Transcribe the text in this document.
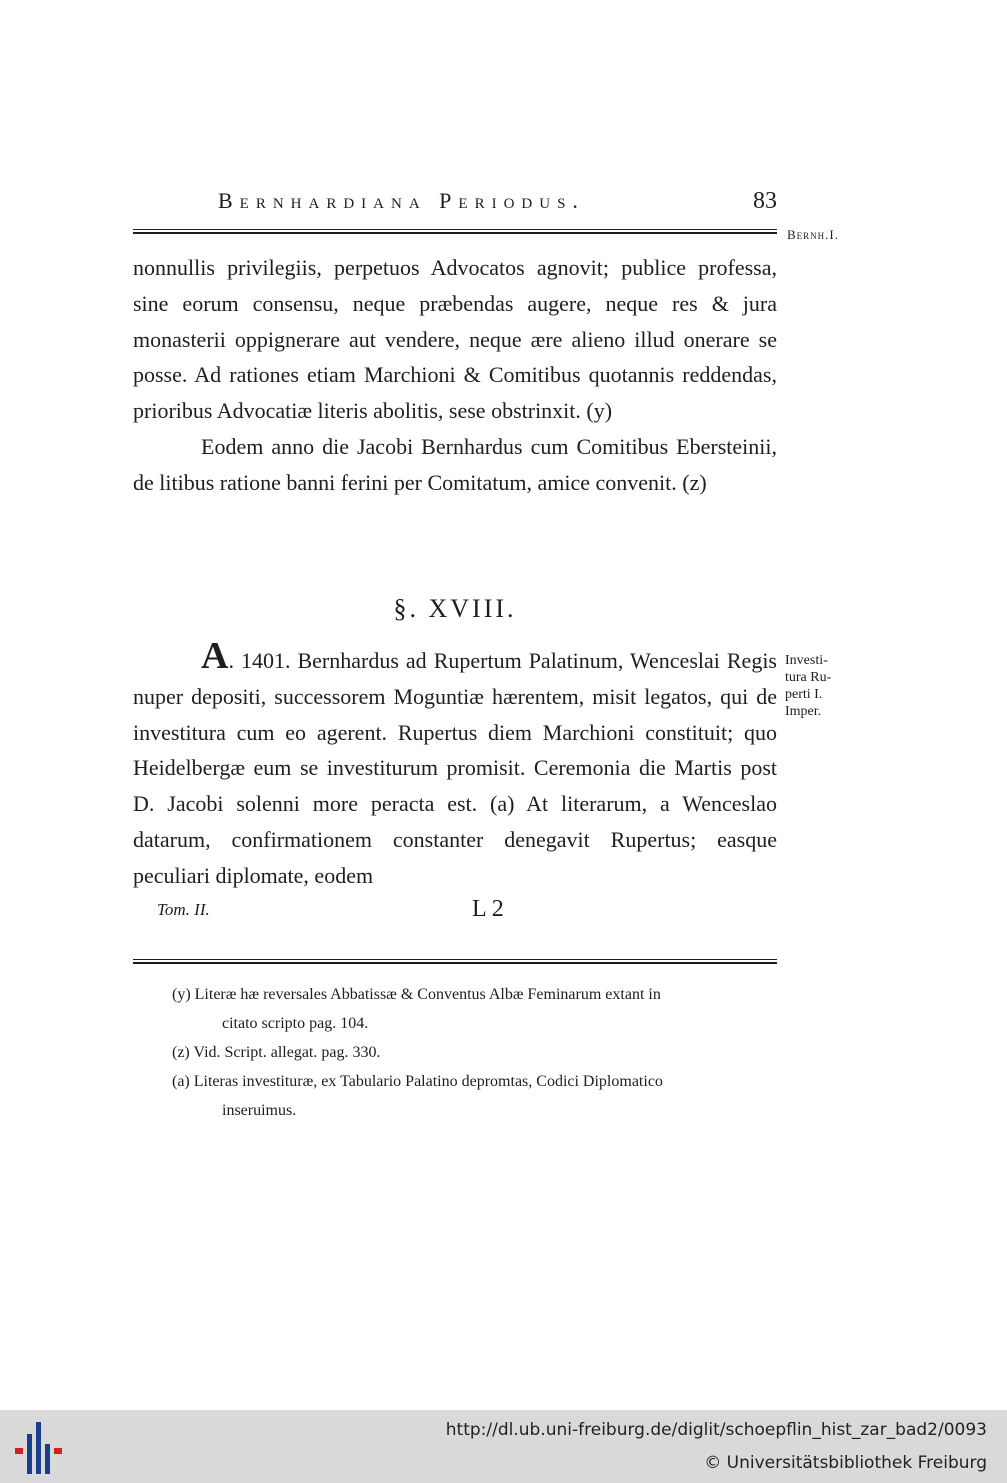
Bernhardiana Periodus.	83
Bernh.I.

nonnullis privilegiis, perpetuos Advocatos agnovit; publice professa, sine eorum consensu, neque præbendas augere, neque res & jura monasterii oppignerare aut vendere, neque ære alieno illud onerare se posse. Ad rationes etiam Marchioni & Comitibus quotannis reddendas, prioribus Advocatiæ literis abolitis, sese obstrinxit. (y)

Eodem anno die Jacobi Bernhardus cum Comitibus Ebersteinii, de litibus ratione banni ferini per Comitatum, amice convenit. (z)

§. XVIII.
Investi-
tura Ru-
perti I.
Imper.

A. 1401. Bernhardus ad Rupertum Palatinum, Wenceslai Regis nuper depositi, successorem Moguntiæ hærentem, misit legatos, qui de investitura cum eo agerent. Rupertus diem Marchioni constituit; quo Heidelbergæ eum se investiturum promisit. Ceremonia die Martis post D. Jacobi solenni more peracta est. (a) At literarum, a Wenceslao datarum, confirmationem constanter denegavit Rupertus; easque peculiari diplomate, eodem

Tom. II.	L 2

(y) Literæ hæ reversales Abbatissæ & Conventus Albæ Feminarum extant in

citato scripto pag. 104.

(z) Vid. Script. allegat. pag. 330.

(a) Literas investituræ, ex Tabulario Palatino depromtas, Codici Diplomatico

inseruimus.

http://dl.ub.uni-freiburg.de/diglit/schoepflin_hist_zar_bad2/0093
© Universitätsbibliothek Freiburg
